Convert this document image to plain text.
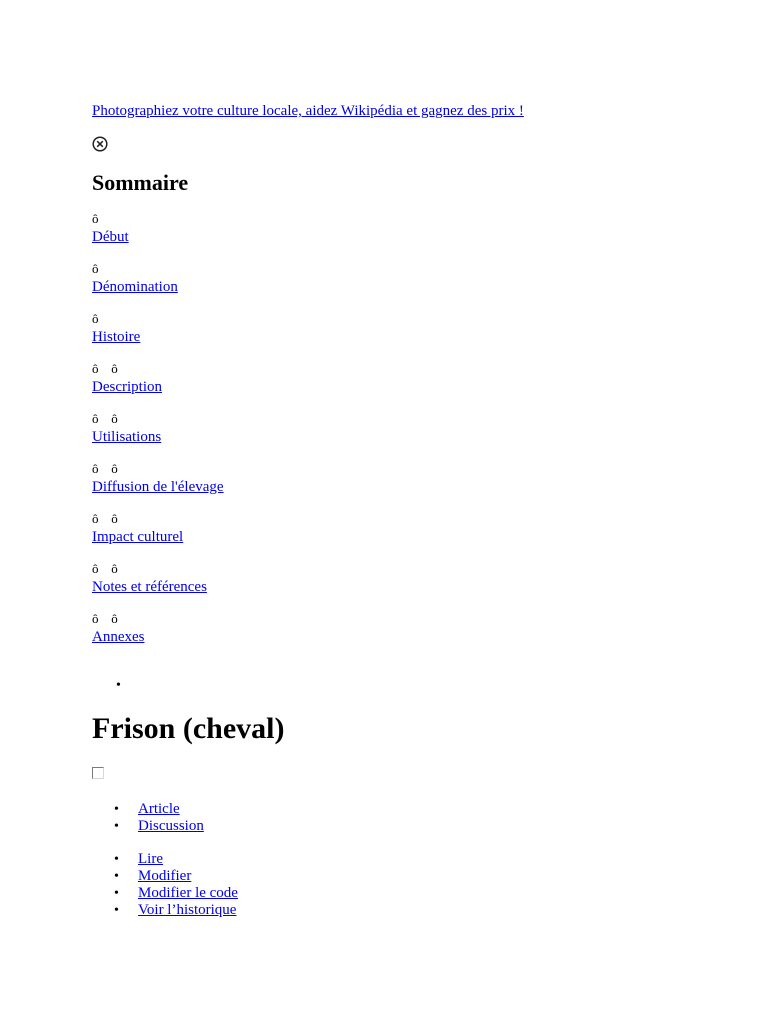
Photographiez votre culture locale, aidez Wikipédia et gagnez des prix !
Sommaire
ô
Début
ô
Dénomination
ô
Histoire
ô ô
Description
ô ô
Utilisations
ô ô
Diffusion de l'élevage
ô ô
Impact culturel
ô ô
Notes et références
ô ô
Annexes
•
Frison (cheval)
• Article
• Discussion
• Lire
• Modifier
• Modifier le code
• Voir l’historique
